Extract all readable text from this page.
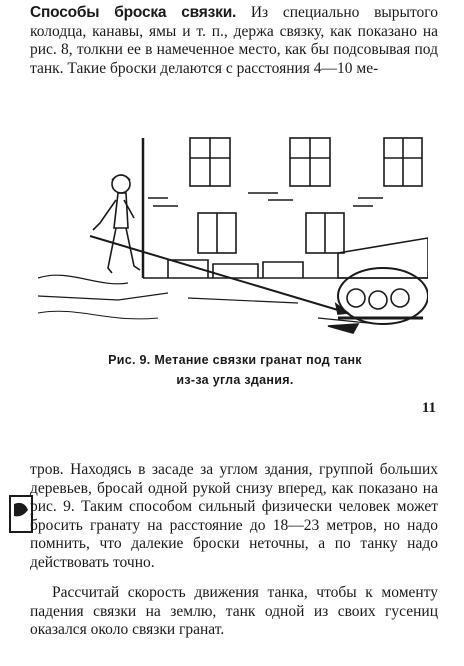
Способы броска связки. Из специально вырытого колодца, канавы, ямы и т. п., держа связку, как показано на рис. 8, толкни ее в намеченное место, как бы подсовывая под танк. Такие броски делаются с расстояния 4—10 ме-

Рис. 9. Метание связки гранат под танк
из-за угла здания.
11

тров. Находясь в засаде за углом здания, группой больших деревьев, бросай одной рукой снизу вперед, как показано на рис. 9. Таким способом сильный физически человек может бросить гранату на расстояние до 18—23 метров, но надо помнить, что далекие броски неточны, а по танку надо действовать точно.

Рассчитай скорость движения танка, чтобы к моменту падения связки на землю, танк одной из своих гусениц оказался около связки гранат.
